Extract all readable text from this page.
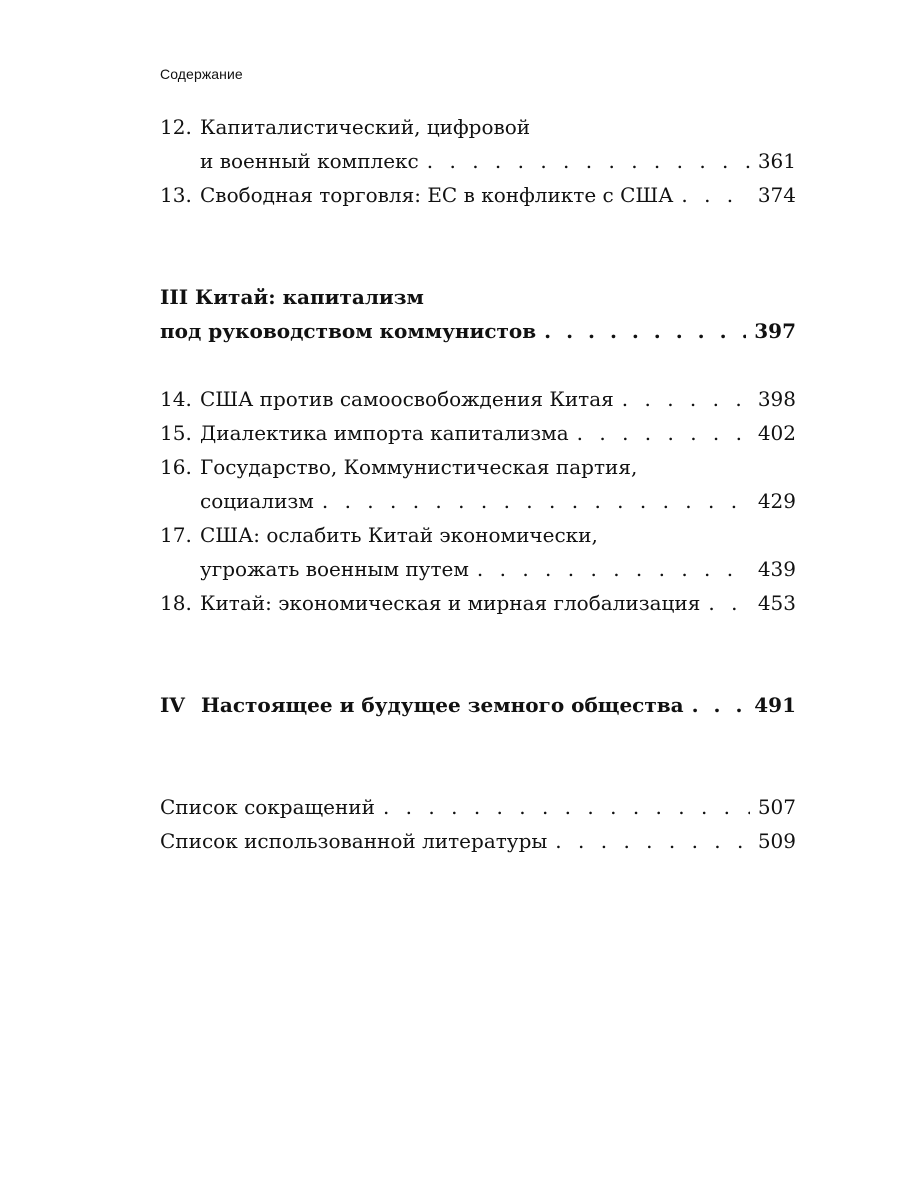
Содержание
12. Капиталистический, цифровой
и военный комплекс . . .	361
13. Свободная торговля: ЕС в конфликте с США . . .	374
III Китай: капитализм
под руководством коммунистов . . .	397
14. США против самоосвобождения Китая . . .	398
15. Диалектика импорта капитализма . . .	402
16. Государство, Коммунистическая партия,
социализм . . .	429
17. США: ослабить Китай экономически,
угрожать военным путем . . .	439
18. Китай: экономическая и мирная глобализация . . .	453
IV Настоящее и будущее земного общества . . .	491
Список сокращений . . .	507
Список использованной литературы . . .	509
